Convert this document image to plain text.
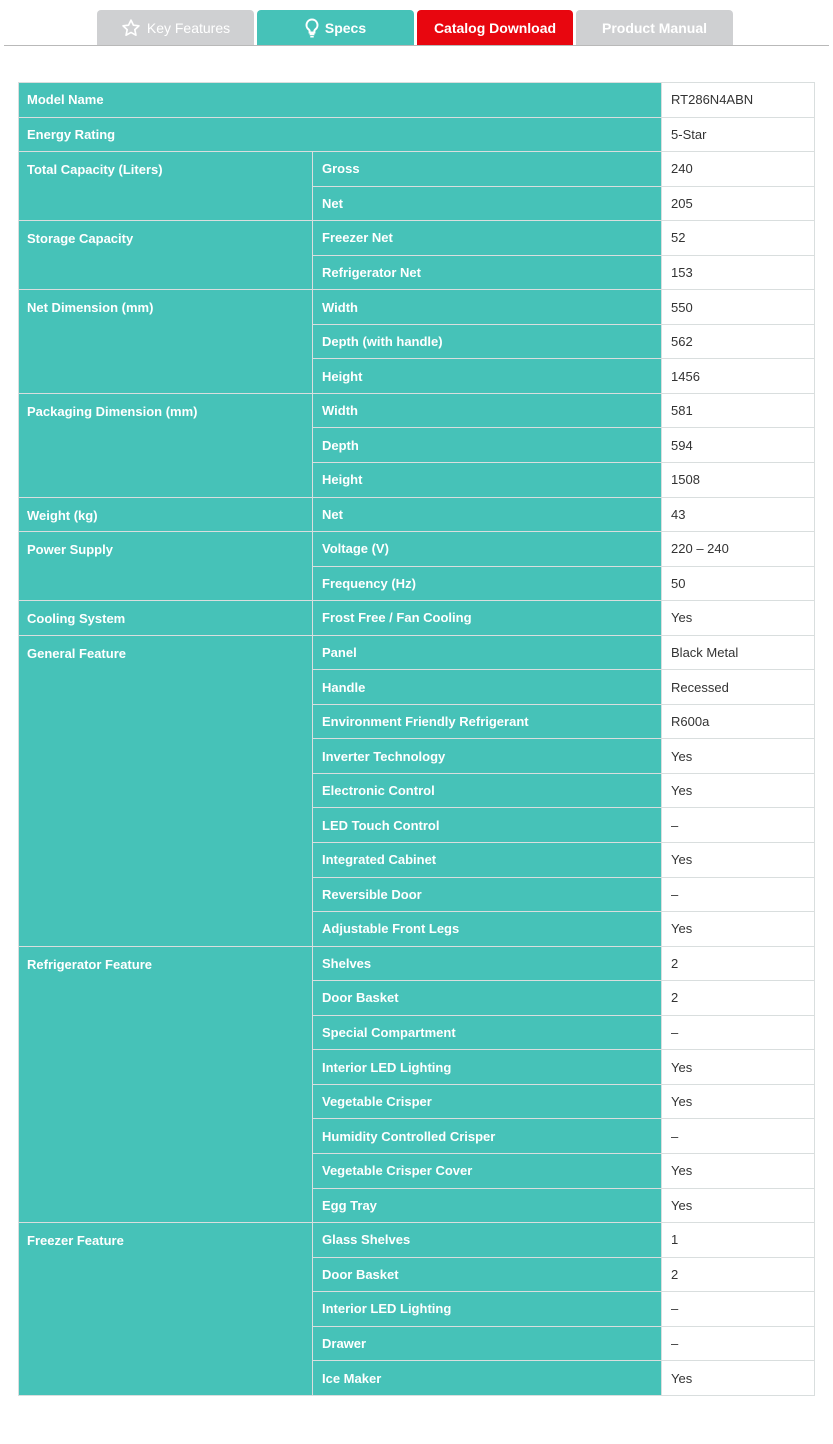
Key Features	Specs	Catalog Download	Product Manual
Model Name		RT286N4ABN
Energy Rating		5-Star
Total Capacity (Liters)	Gross	240
	Net	205
Storage Capacity	Freezer Net	52
	Refrigerator Net	153
Net Dimension (mm)	Width	550
	Depth (with handle)	562
	Height	1456
Packaging Dimension (mm)	Width	581
	Depth	594
	Height	1508
Weight (kg)	Net	43
Power Supply	Voltage (V)	220 – 240
	Frequency (Hz)	50
Cooling System	Frost Free / Fan Cooling	Yes
General Feature	Panel	Black Metal
	Handle	Recessed
	Environment Friendly Refrigerant	R600a
	Inverter Technology	Yes
	Electronic Control	Yes
	LED Touch Control	–
	Integrated Cabinet	Yes
	Reversible Door	–
	Adjustable Front Legs	Yes
Refrigerator Feature	Shelves	2
	Door Basket	2
	Special Compartment	–
	Interior LED Lighting	Yes
	Vegetable Crisper	Yes
	Humidity Controlled Crisper	–
	Vegetable Crisper Cover	Yes
	Egg Tray	Yes
Freezer Feature	Glass Shelves	1
	Door Basket	2
	Interior LED Lighting	–
	Drawer	–
	Ice Maker	Yes
